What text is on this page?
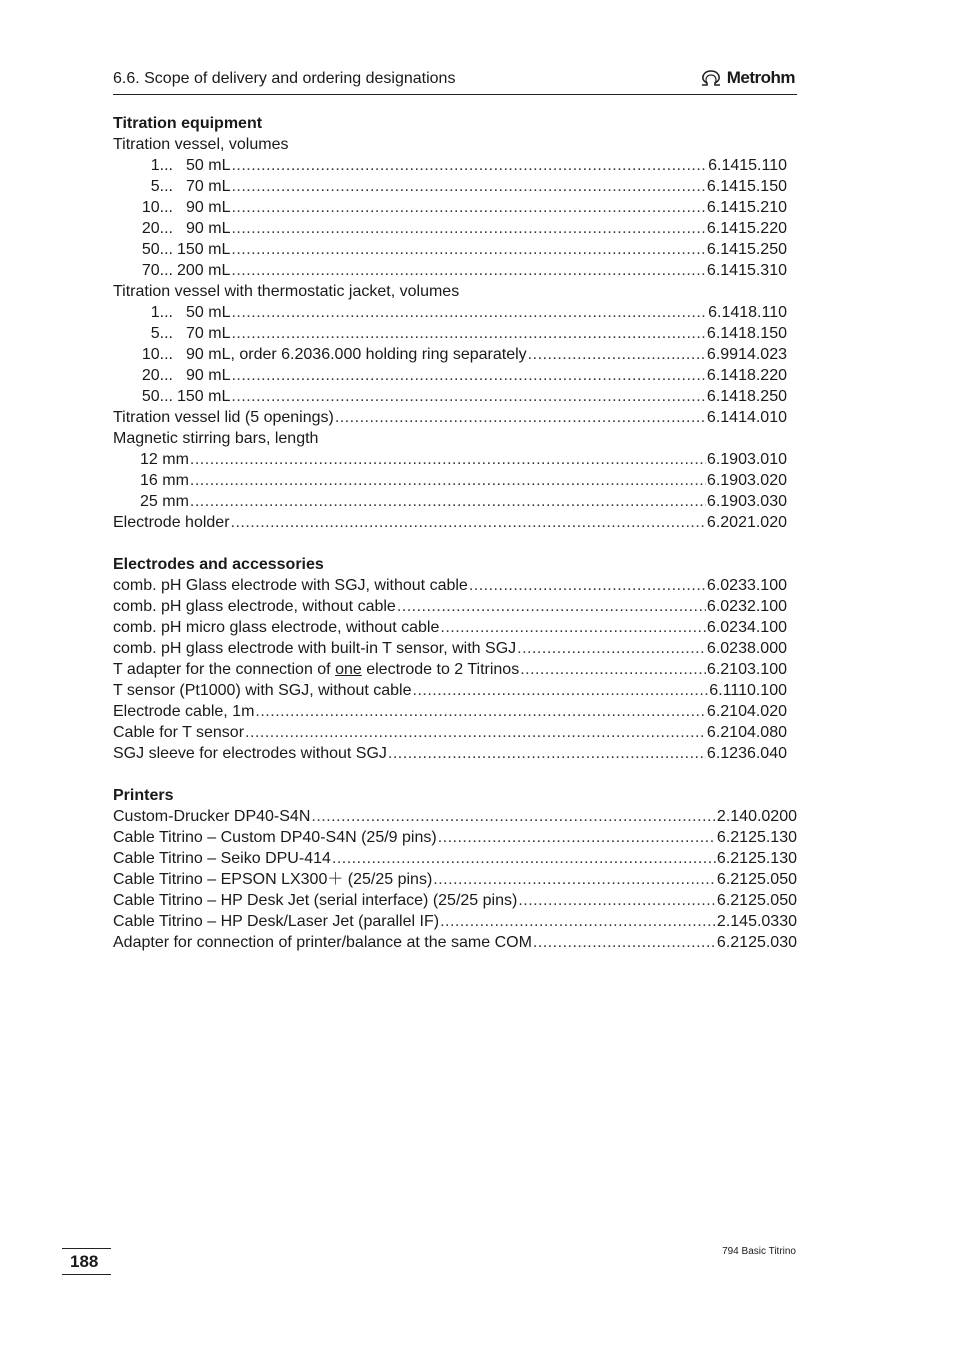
6.6. Scope of delivery and ordering designations	Metrohm
Titration equipment
Titration vessel, volumes
1... 50 mL .....	6.1415.110
5... 70 mL .....	6.1415.150
10... 90 mL .....	6.1415.210
20... 90 mL .....	6.1415.220
50... 150 mL .....	6.1415.250
70... 200 mL .....	6.1415.310
Titration vessel with thermostatic jacket, volumes
1... 50 mL .....	6.1418.110
5... 70 mL .....	6.1418.150
10... 90 mL, order 6.2036.000 holding ring separately .....	6.9914.023
20... 90 mL .....	6.1418.220
50... 150 mL .....	6.1418.250
Titration vessel lid (5 openings) .....	6.1414.010
Magnetic stirring bars, length
12 mm .....	6.1903.010
16 mm .....	6.1903.020
25 mm .....	6.1903.030
Electrode holder .....	6.2021.020
Electrodes and accessories
comb. pH Glass electrode with SGJ, without cable .....	6.0233.100
comb. pH glass electrode, without cable .....	6.0232.100
comb. pH micro glass electrode, without cable .....	6.0234.100
comb. pH glass electrode with built-in T sensor, with SGJ .....	6.0238.000
T adapter for the connection of one electrode to 2 Titrinos .....	6.2103.100
T sensor (Pt1000) with SGJ, without cable .....	6.1110.100
Electrode cable, 1m .....	6.2104.020
Cable for T sensor .....	6.2104.080
SGJ sleeve for electrodes without SGJ .....	6.1236.040
Printers
Custom-Drucker DP40-S4N .....	2.140.0200
Cable Titrino – Custom DP40-S4N (25/9 pins) .....	6.2125.130
Cable Titrino – Seiko DPU-414 .....	6.2125.130
Cable Titrino – EPSON LX300＋ (25/25 pins) .....	6.2125.050
Cable Titrino – HP Desk Jet (serial interface) (25/25 pins) .....	6.2125.050
Cable Titrino – HP Desk/Laser Jet (parallel IF) .....	2.145.0330
Adapter for connection of printer/balance at the same COM .....	6.2125.030
188
794 Basic Titrino
